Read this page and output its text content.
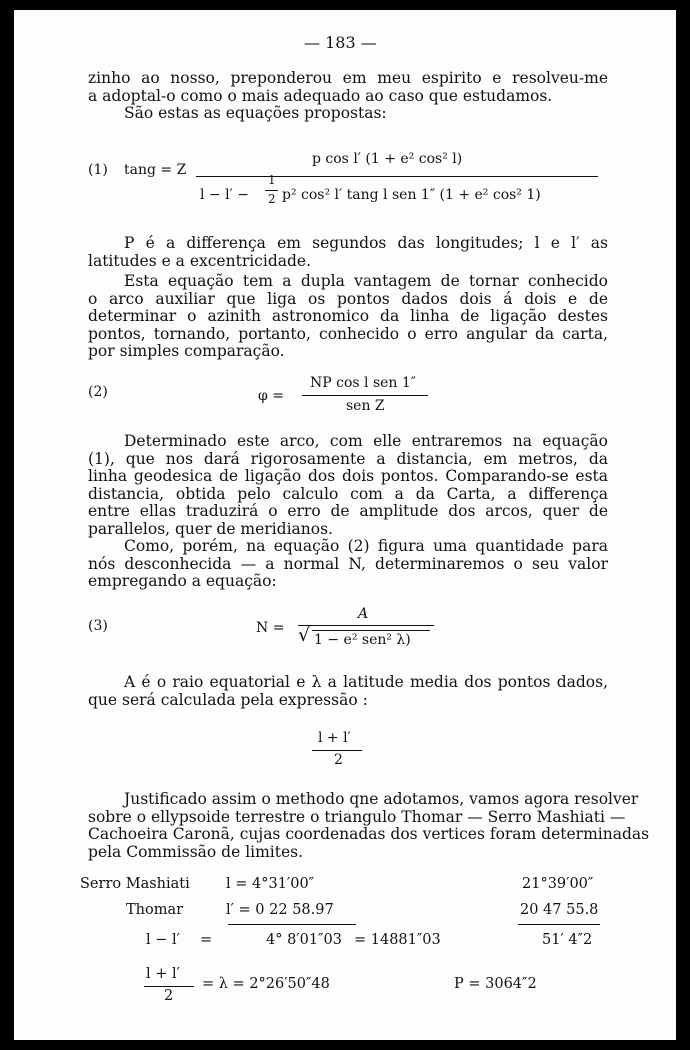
— 183 —
zinho ao nosso, preponderou em meu espirito e resolveu-me
a adoptal-o como o mais adequado ao caso que estudamos.
São estas as equações propostas:
(1) tang = Z
p cos l′ (1 + e² cos² l)
l − l′ −
1
2 p² cos² l′ tang l sen 1″ (1 + e² cos² 1)
P é a differença em segundos das longitudes; l e l′ as
latitudes e a excentricidade.
Esta equação tem a dupla vantagem de tornar conhecido
o arco auxiliar que liga os pontos dados dois á dois e de
determinar o azinith astronomico da linha de ligação destes
pontos, tornando, portanto, conhecido o erro angular da carta,
por simples comparação.
(2)	φ =
NP cos l sen 1″
sen Z
Determinado este arco, com elle entraremos na equação
(1), que nos dará rigorosamente a distancia, em metros, da
linha geodesica de ligação dos dois pontos. Comparando-se esta
distancia, obtida pelo calculo com a da Carta, a differença
entre ellas traduzirá o erro de amplitude dos arcos, quer de
parallelos, quer de meridianos.
Como, porém, na equação (2) figura uma quantidade para
nós desconhecida — a normal N, determinaremos o seu valor
empregando a equação:
(3)	N =
A
√ 1 − e² sen² λ)
A é o raio equatorial e λ a latitude media dos pontos dados,
que será calculada pela expressão :
l + l′
2
Justificado assim o methodo qne adotamos, vamos agora resolver
sobre o ellypsoide terrestre o triangulo Thomar — Serro Mashiati —
Cachoeira Caronã, cujas coordenadas dos vertices foram determinadas
pela Commissão de limites.
Serro Mashiati	l = 4°31′00″	21°39′00″
Thomar	l′ = 0 22 58.97	20 47 55.8
l − l′ =	4° 8′01″03 = 14881″03	51′ 4″2
l + l′
2
= λ = 2°26′50″48	P = 3064″2
